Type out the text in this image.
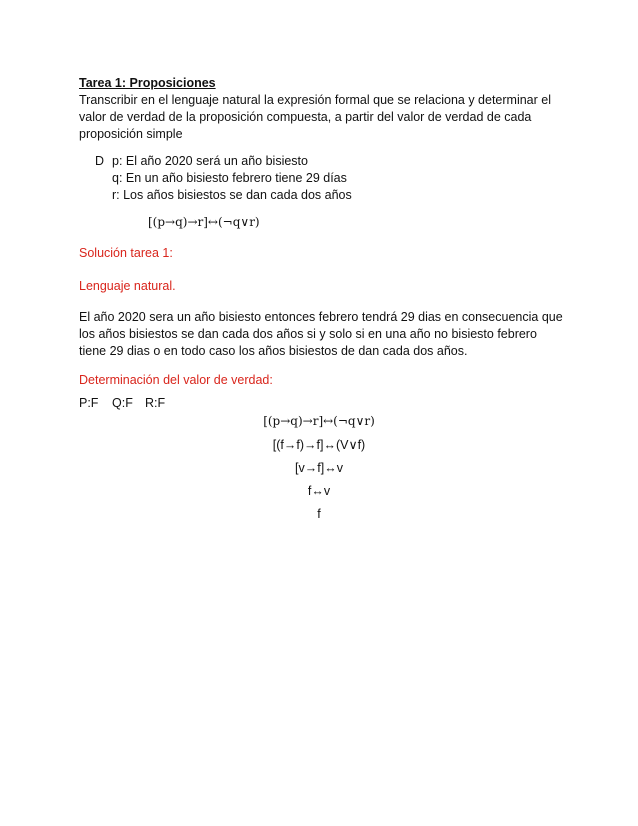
Tarea 1: Proposiciones
Transcribir en el lenguaje natural la expresión formal que se relaciona y determinar el
valor de verdad de la proposición compuesta, a partir del valor de verdad de cada
proposición simple
D p: El año 2020 será un año bisiesto
q: En un año bisiesto febrero tiene 29 días
r: Los años bisiestos se dan cada dos años
[(p→q)→r]↔(¬q∨r)
Solución tarea 1:
Lenguaje natural.
El año 2020 sera un año bisiesto entonces febrero tendrá 29 dias en consecuencia que
los años bisiestos se dan cada dos años si y solo si en una año no bisiesto febrero
tiene 29 dias o en todo caso los años bisiestos de dan cada dos años.
Determinación del valor de verdad:
P:F Q:F R:F
[(p→q)→r]↔(¬q∨r)
[(f→f)→f]↔(V∨f)
[v→f]↔v
f↔v
f
